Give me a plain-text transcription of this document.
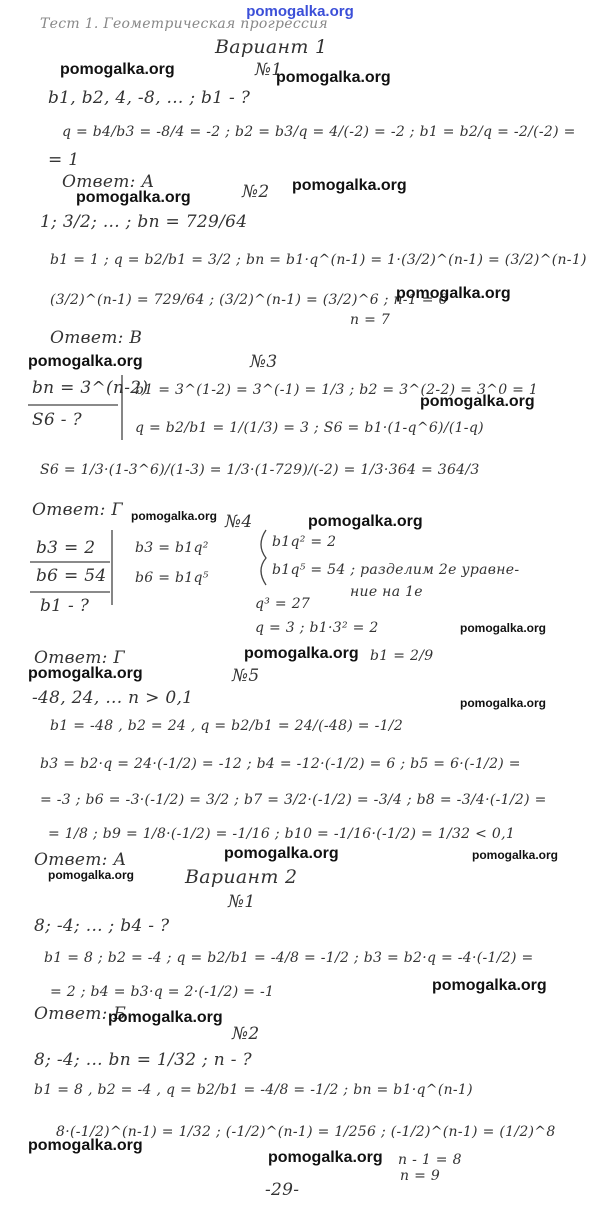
pomogalka.org
Тест 1. Геометрическая прогрессия
Вариант 1
№1
b1, b2, 4, -8, ... ; b1 - ?
q = b4/b3 = -8/4 = -2 ; b2 = b3/q = 4/(-2) = -2 ; b1 = b2/q = -2/(-2) =
= 1
Ответ: А	№2
1; 3/2; ... ; bn = 729/64
b1 = 1 ; q = b2/b1 = 3/2 ; bn = b1·q^(n-1) = 1·(3/2)^(n-1) = (3/2)^(n-1)
(3/2)^(n-1) = 729/64 ; (3/2)^(n-1) = (3/2)^6 ; n-1 = 6
n = 7
Ответ: В
№3
bn = 3^(n-2)
S6 - ?
b1 = 3^(1-2) = 3^(-1) = 1/3 ; b2 = 3^(2-2) = 3^0 = 1
q = b2/b1 = 1/(1/3) = 3 ; S6 = b1·(1-q^6)/(1-q)
S6 = 1/3·(1-3^6)/(1-3) = 1/3·(1-729)/(-2) = 1/3·364 = 364/3
Ответ: Г
№4
b3 = 2
b6 = 54
b1 - ?
b3 = b1q²
b6 = b1q⁵
b1q² = 2
b1q⁵ = 54 ; разделим 2е уравне-
ние на 1е
q³ = 27
q = 3 ; b1·3² = 2
b1 = 2/9
Ответ: Г
№5
-48, 24, ... n > 0,1
b1 = -48 , b2 = 24 , q = b2/b1 = 24/(-48) = -1/2
b3 = b2·q = 24·(-1/2) = -12 ; b4 = -12·(-1/2) = 6 ; b5 = 6·(-1/2) =
= -3 ; b6 = -3·(-1/2) = 3/2 ; b7 = 3/2·(-1/2) = -3/4 ; b8 = -3/4·(-1/2) =
= 1/8 ; b9 = 1/8·(-1/2) = -1/16 ; b10 = -1/16·(-1/2) = 1/32 < 0,1
Ответ: А
Вариант 2
№1
8; -4; ... ; b4 - ?
b1 = 8 ; b2 = -4 ; q = b2/b1 = -4/8 = -1/2 ; b3 = b2·q = -4·(-1/2) =
= 2 ; b4 = b3·q = 2·(-1/2) = -1
Ответ: Б
№2
8; -4; ... bn = 1/32 ; n - ?
b1 = 8 , b2 = -4 , q = b2/b1 = -4/8 = -1/2 ; bn = b1·q^(n-1)
8·(-1/2)^(n-1) = 1/32 ; (-1/2)^(n-1) = 1/256 ; (-1/2)^(n-1) = (1/2)^8
n - 1 = 8
n = 9
-29-
pomogalka.org	pomogalka.org
pomogalka.org
pomogalka.org
pomogalka.org
pomogalka.org
pomogalka.org
pomogalka.org	pomogalka.org
pomogalka.org
pomogalka.org
pomogalka.org
pomogalka.org
pomogalka.org	pomogalka.org
pomogalka.org
pomogalka.org
pomogalka.org
pomogalka.org
pomogalka.org
